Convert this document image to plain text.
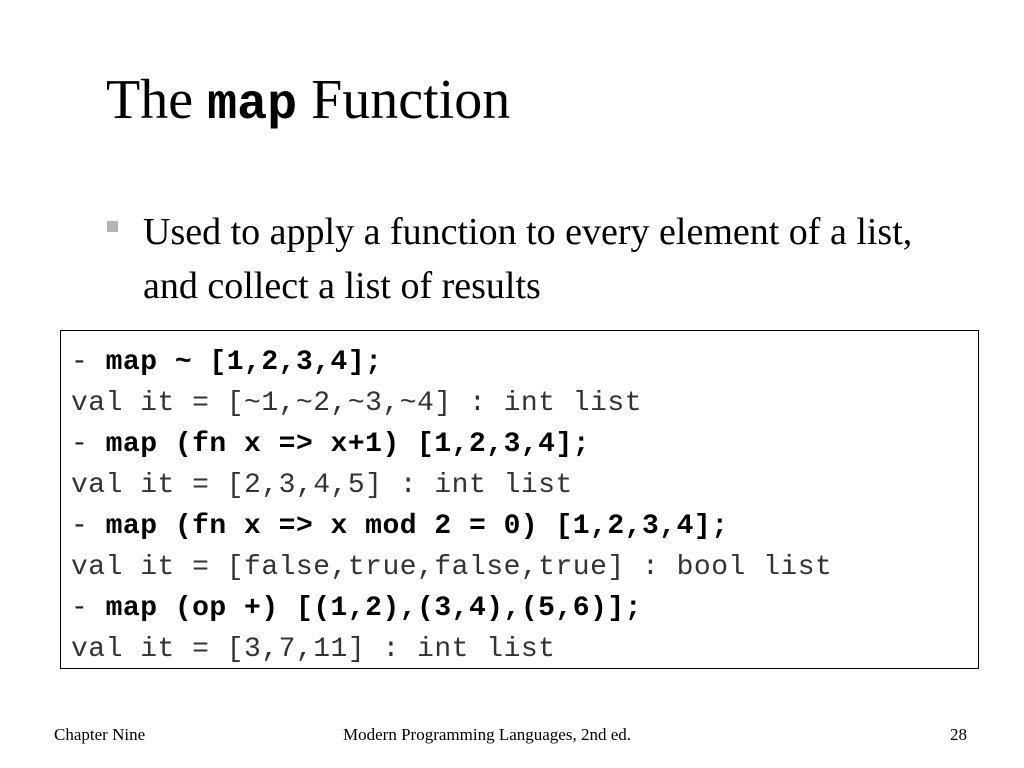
The map Function
Used to apply a function to every element of a list, and collect a list of results
- map ~ [1,2,3,4];
val it = [~1,~2,~3,~4] : int list
- map (fn x => x+1) [1,2,3,4];
val it = [2,3,4,5] : int list
- map (fn x => x mod 2 = 0) [1,2,3,4];
val it = [false,true,false,true] : bool list
- map (op +) [(1,2),(3,4),(5,6)];
val it = [3,7,11] : int list
Chapter Nine	Modern Programming Languages, 2nd ed.	28
